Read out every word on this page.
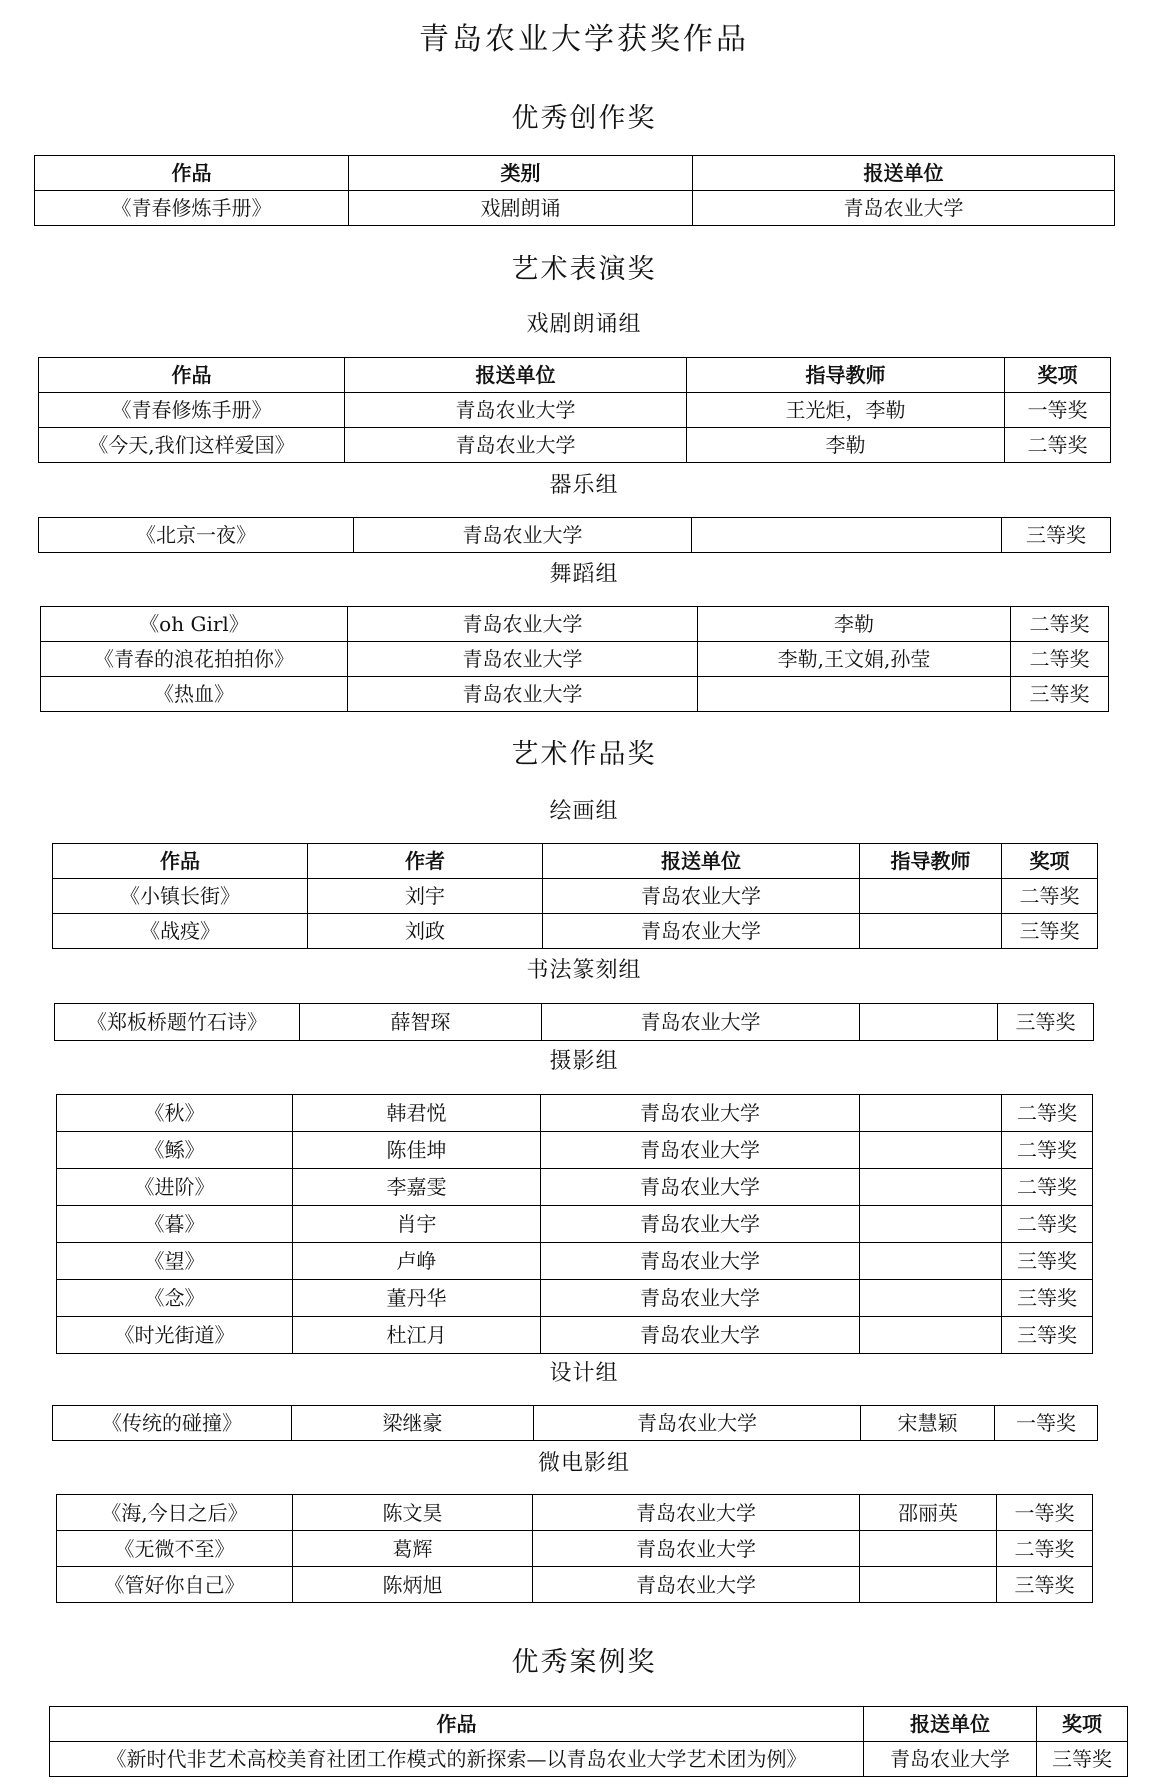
青岛农业大学获奖作品
优秀创作奖
作品	类别	报送单位
《青春修炼手册》	戏剧朗诵	青岛农业大学
艺术表演奖
戏剧朗诵组
作品	报送单位	指导教师	奖项
《青春修炼手册》	青岛农业大学	王光炬，李勒	一等奖
《今天,我们这样爱国》	青岛农业大学	李勒	二等奖
器乐组
《北京一夜》	青岛农业大学		三等奖
舞蹈组
《oh Girl》	青岛农业大学	李勒	二等奖
《青春的浪花拍拍你》	青岛农业大学	李勒,王文娟,孙莹	二等奖
《热血》	青岛农业大学		三等奖
艺术作品奖
绘画组
作品	作者	报送单位	指导教师	奖项
《小镇长街》	刘宇	青岛农业大学		二等奖
《战疫》	刘政	青岛农业大学		三等奖
书法篆刻组
《郑板桥题竹石诗》	薛智琛	青岛农业大学		三等奖
摄影组
《秋》	韩君悦	青岛农业大学		二等奖
《鲧》	陈佳坤	青岛农业大学		二等奖
《进阶》	李嘉雯	青岛农业大学		二等奖
《暮》	肖宇	青岛农业大学		二等奖
《望》	卢峥	青岛农业大学		三等奖
《念》	董丹华	青岛农业大学		三等奖
《时光街道》	杜江月	青岛农业大学		三等奖
设计组
《传统的碰撞》	梁继豪	青岛农业大学	宋慧颖	一等奖
微电影组
《海,今日之后》	陈文昊	青岛农业大学	邵丽英	一等奖
《无微不至》	葛辉	青岛农业大学		二等奖
《管好你自己》	陈炳旭	青岛农业大学		三等奖
优秀案例奖
作品	报送单位	奖项
《新时代非艺术高校美育社团工作模式的新探索—以青岛农业大学艺术团为例》	青岛农业大学	三等奖
